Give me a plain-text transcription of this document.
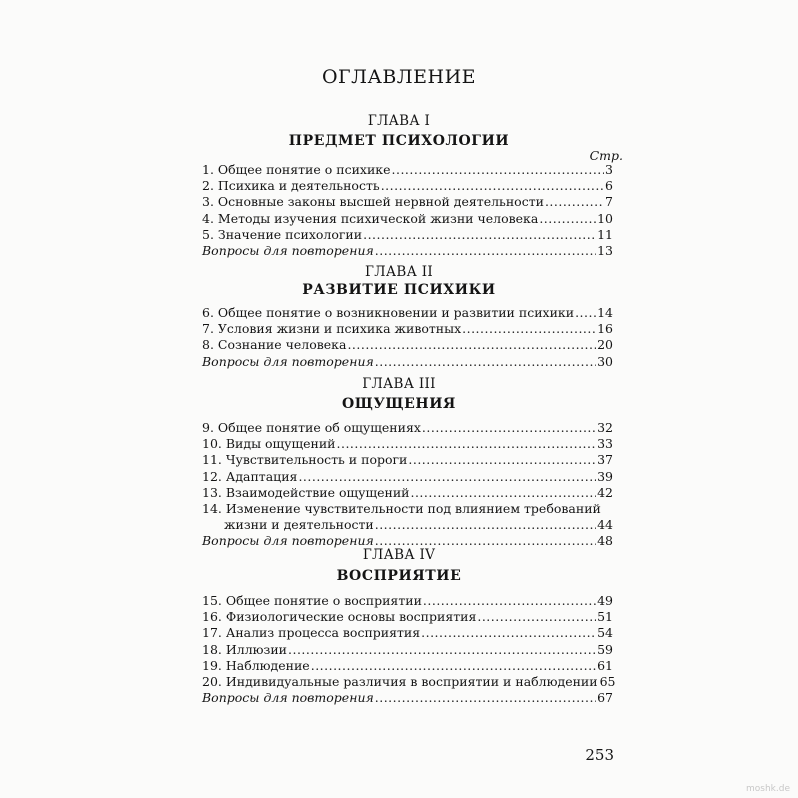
ОГЛАВЛЕНИЕ
ГЛАВА I
ПРЕДМЕТ ПСИХОЛОГИИ
Стр.
1. Общее понятие о психике .....	3
2. Психика и деятельность .....	6
3. Основные законы высшей нервной деятельности .....	7
4. Методы изучения психической жизни человека .....	10
5. Значение психологии .....	11
Вопросы для повторения .....	13
ГЛАВА II
РАЗВИТИЕ ПСИХИКИ
6. Общее понятие о возникновении и развитии психики ..... 14
7. Условия жизни и психика животных .....	16
8. Сознание человека .....	20
Вопросы для повторения .....	30
ГЛАВА III
ОЩУЩЕНИЯ
9. Общее понятие об ощущениях .....	32
10. Виды ощущений .....	33
11. Чувствительность и пороги .....	37
12. Адаптация .....	39
13. Взаимодействие ощущений .....	42
14. Изменение чувствительности под влиянием требований
жизни и деятельности .....	44
Вопросы для повторения .....	48
ГЛАВА IV
ВОСПРИЯТИЕ
15. Общее понятие о восприятии .....	49
16. Физиологические основы восприятия .....	51
17. Анализ процесса восприятия .....	54
18. Иллюзии .....	59
19. Наблюдение .....	61
20. Индивидуальные различия в восприятии и наблюдении 65
Вопросы для повторения .....	67
253
moshk.de
